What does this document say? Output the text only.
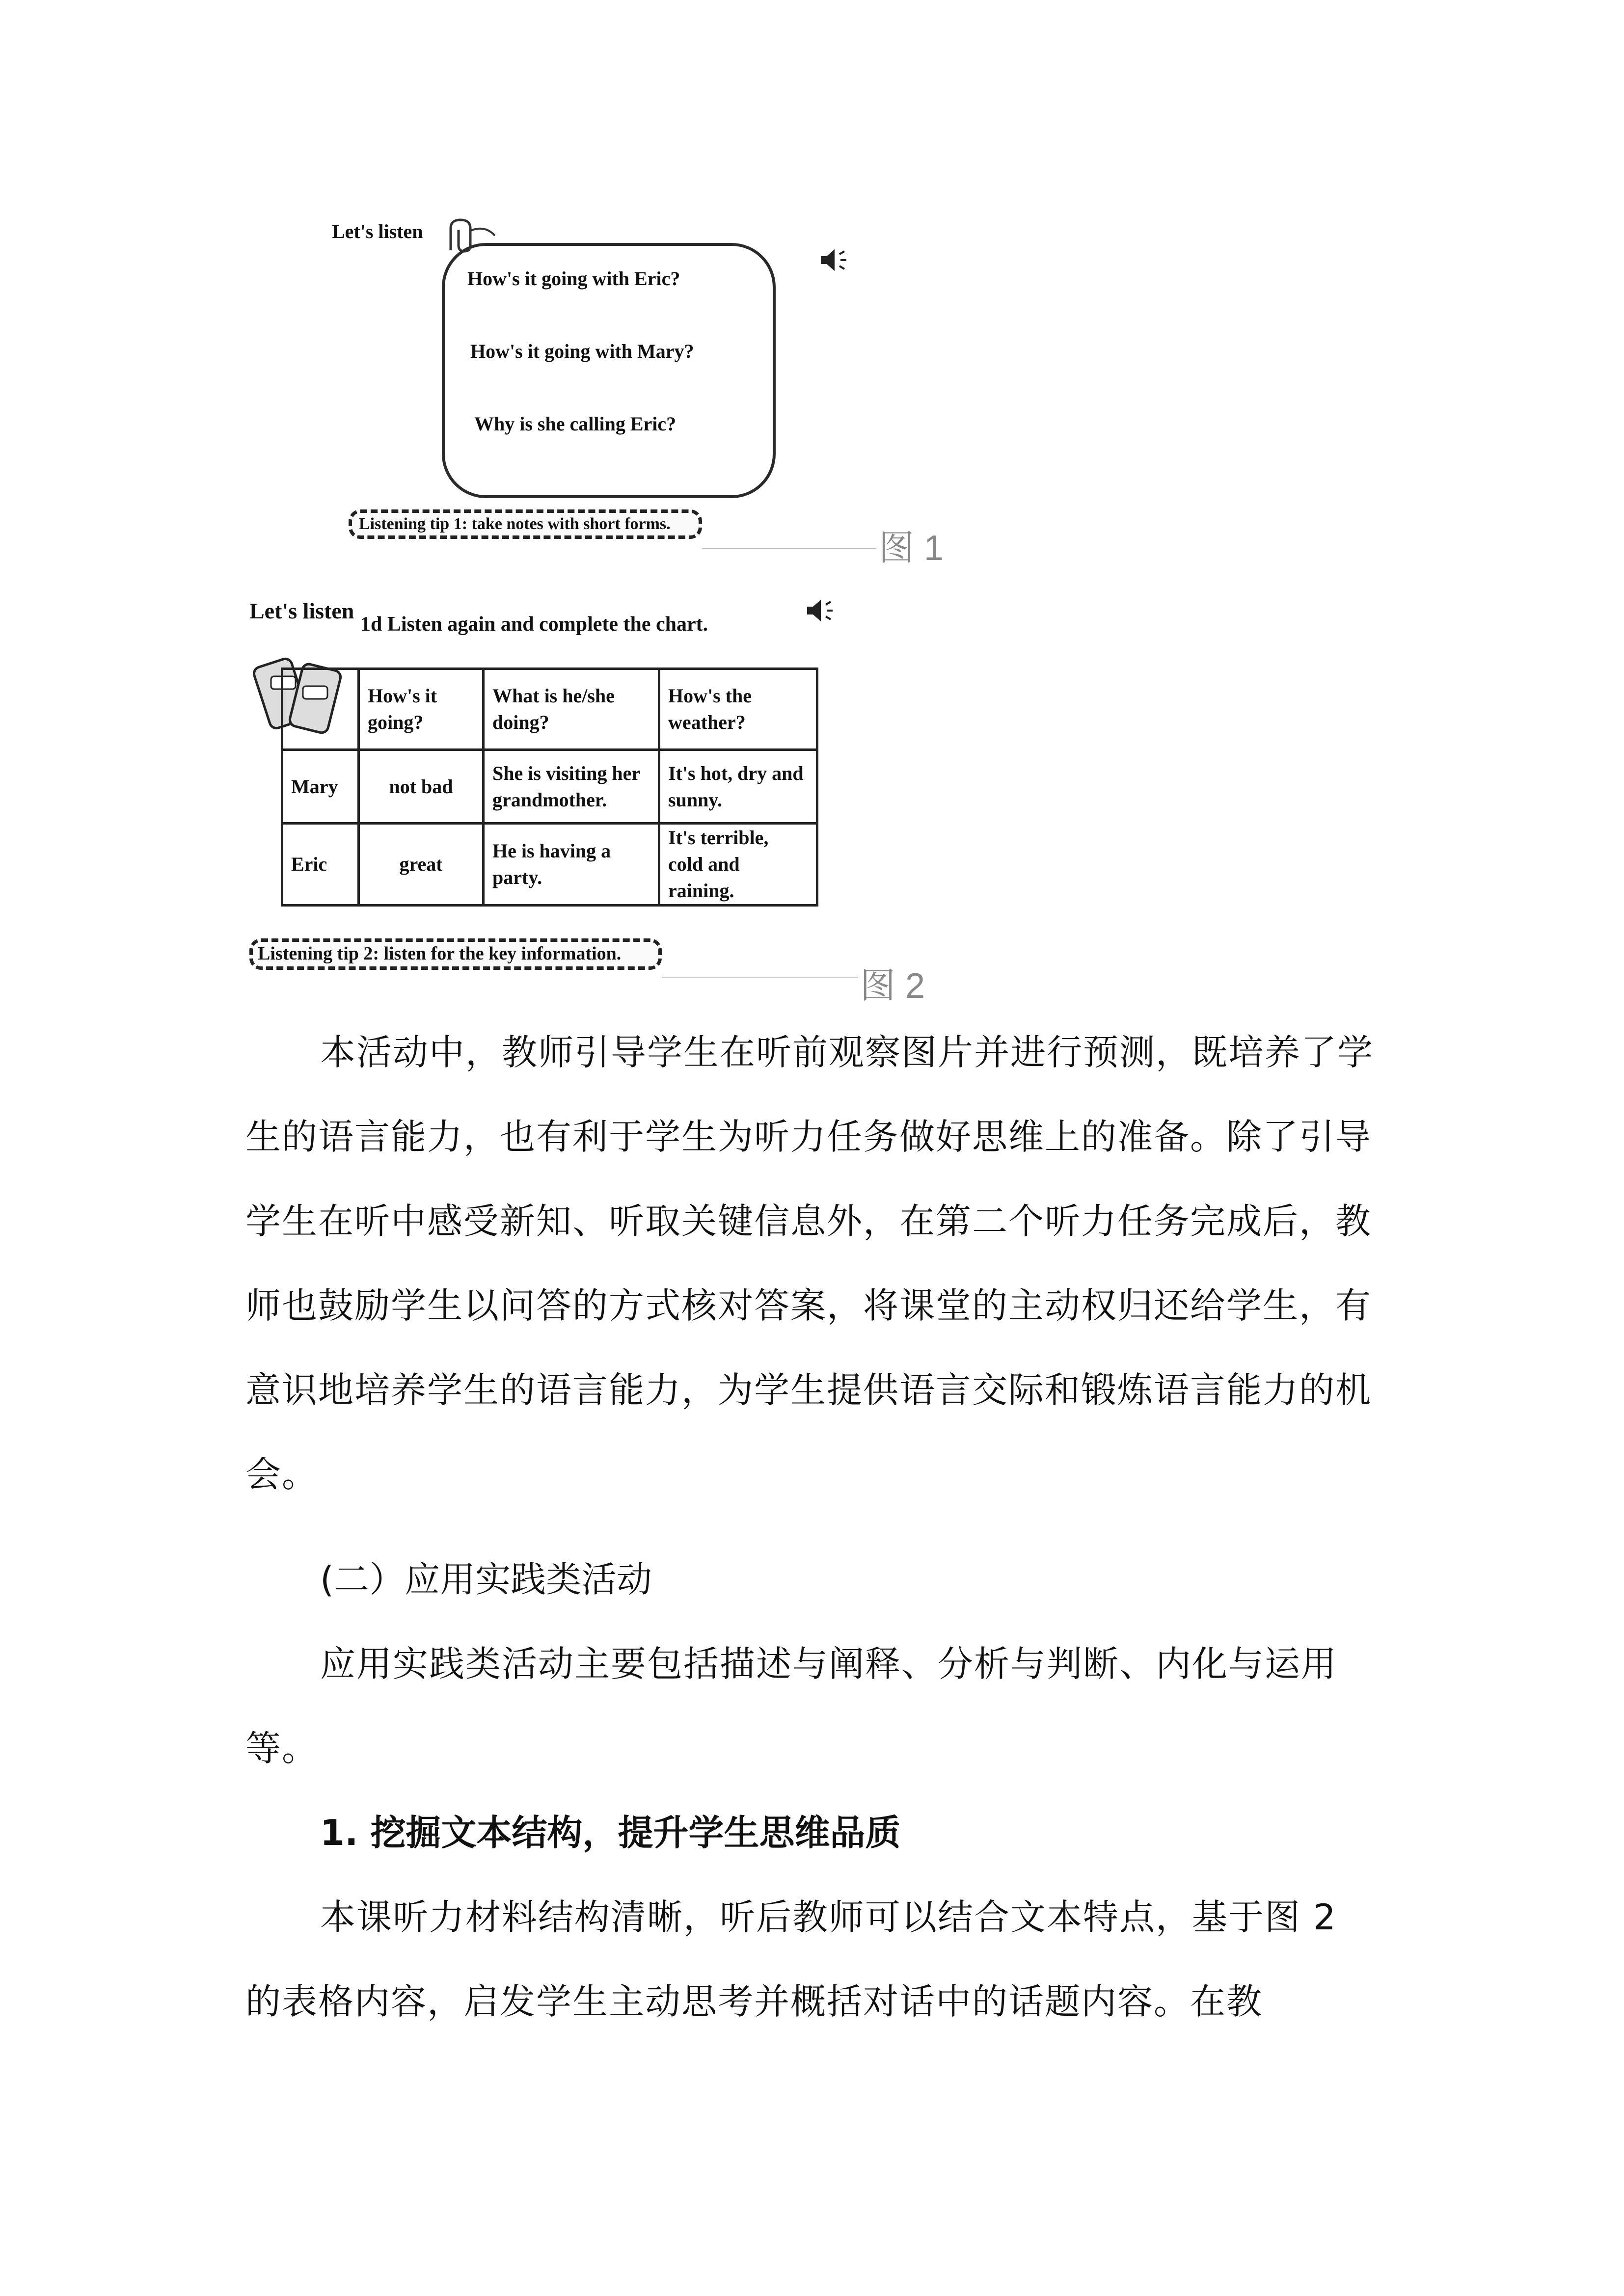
Let's listen
How's it going with Eric?
How's it going with Mary?
Why is she calling Eric?
Listening tip 1: take notes with short forms.
图 1
Let's listen
1d Listen again and complete the chart.
	How's it going?	What is he/she doing?	How's the weather?
Mary	not bad	She is visiting her grandmother.	It's hot, dry and sunny.
Eric	great	He is having a party.	It's terrible, cold and raining.
Listening tip 2: listen for the key information.
图 2
本活动中，教师引导学生在听前观察图片并进行预测，既培养了学生的语言能力，也有利于学生为听力任务做好思维上的准备。除了引导学生在听中感受新知、听取关键信息外，在第二个听力任务完成后，教师也鼓励学生以问答的方式核对答案，将课堂的主动权归还给学生，有意识地培养学生的语言能力，为学生提供语言交际和锻炼语言能力的机会。
(二）应用实践类活动
应用实践类活动主要包括描述与阐释、分析与判断、内化与运用等。
1. 挖掘文本结构，提升学生思维品质
本课听力材料结构清晰，听后教师可以结合文本特点，基于图 2 的表格内容，启发学生主动思考并概括对话中的话题内容。在教
